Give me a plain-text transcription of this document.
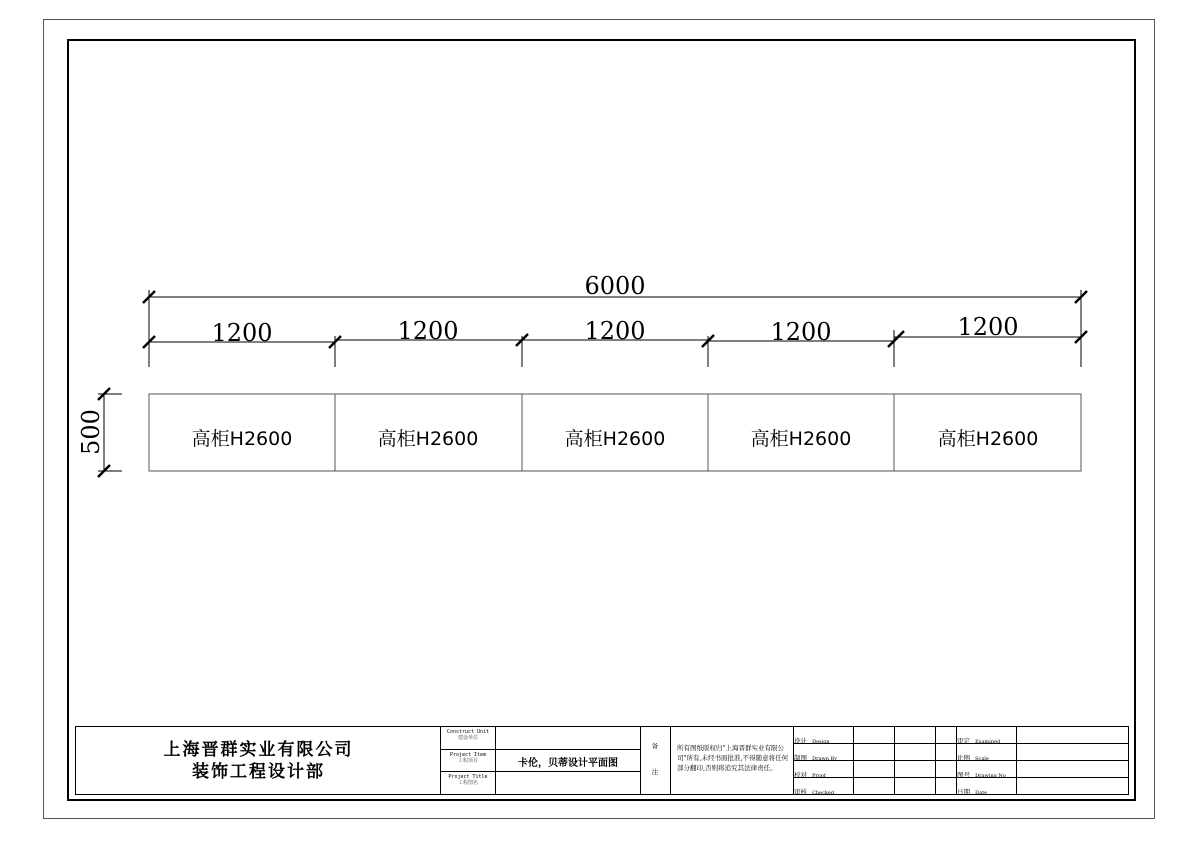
6000
1200	1200	1200	1200	1200
500	高柜H2600	高柜H2600	高柜H2600	高柜H2600	高柜H2600
上海晋群实业有限公司
装饰工程设计部
Construct Unit
建设单位
Project Item
工程项目
Project Title
工程图名
卡伦，贝蒂设计平面图
备
注
所有图纸版权归"上海晋群实业有限公司"所有,未经书面批准,不得随意将任何部分翻印,否则将追究其法律责任。
设计 Design
制图 Drawn By
校对 Proof
审核 Checked
审定 Examined
比例 Scale
图号 Drawing No
日期 Date
